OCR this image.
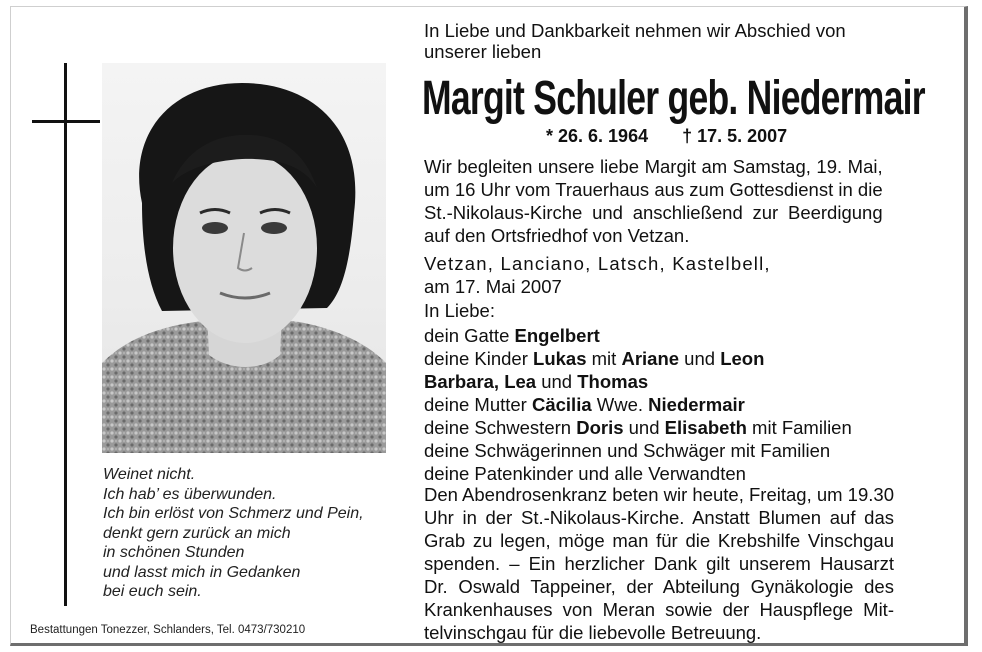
Weinet nicht.
Ich hab’ es überwunden.
Ich bin erlöst von Schmerz und Pein,
denkt gern zurück an mich
in schönen Stunden
und lasst mich in Gedanken
bei euch sein.
Bestattungen Tonezzer, Schlanders, Tel. 0473/730210
In Liebe und Dankbarkeit nehmen wir Abschied von
unserer lieben
Margit Schuler geb. Niedermair
* 26. 6. 1964 † 17. 5. 2007
Wir begleiten unsere liebe Margit am Samstag, 19. Mai,
um 16 Uhr vom Trauerhaus aus zum Gottesdienst in die
St.-Nikolaus-Kirche und anschließend zur Beerdigung
auf den Ortsfriedhof von Vetzan.
Vetzan, Lanciano, Latsch, Kastelbell,
am 17. Mai 2007
In Liebe:
dein Gatte Engelbert
deine Kinder Lukas mit Ariane und Leon
Barbara, Lea und Thomas
deine Mutter Cäcilia Wwe. Niedermair
deine Schwestern Doris und Elisabeth mit Familien
deine Schwägerinnen und Schwäger mit Familien
deine Patenkinder und alle Verwandten
Den Abendrosenkranz beten wir heute, Freitag, um 19.30
Uhr in der St.-Nikolaus-Kirche. Anstatt Blumen auf das
Grab zu legen, möge man für die Krebshilfe Vinschgau
spenden. – Ein herzlicher Dank gilt unserem Hausarzt
Dr. Oswald Tappeiner, der Abteilung Gynäkologie des
Krankenhauses von Meran sowie der Hauspflege Mit-
telvinschgau für die liebevolle Betreuung.
